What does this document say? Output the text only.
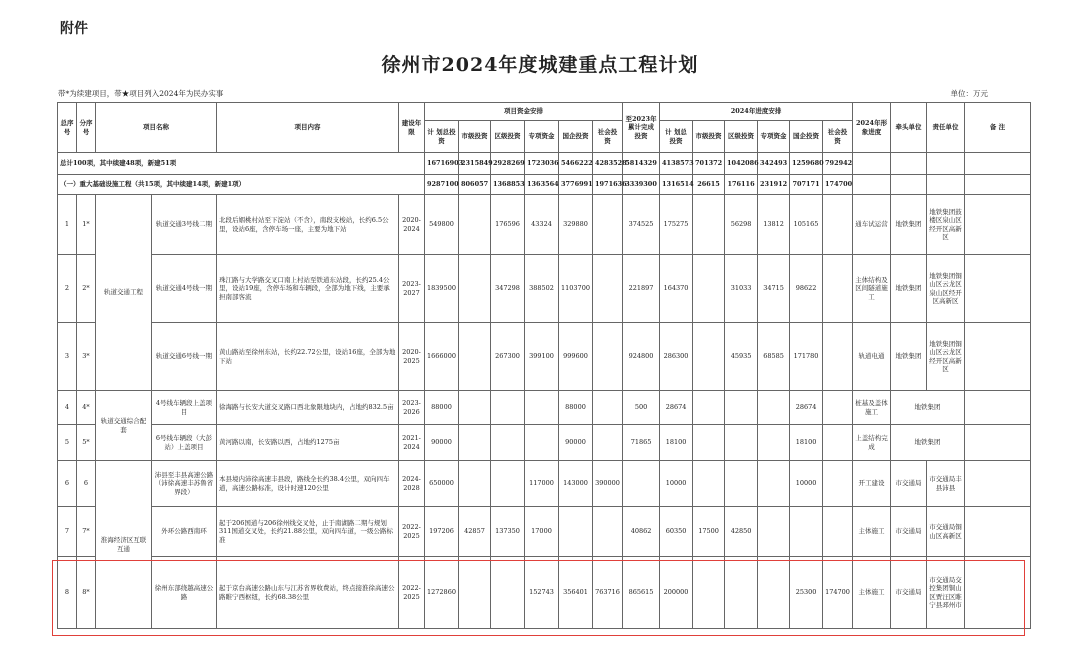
附件
徐州市2024年度城建重点工程计划
带*为续建项目，带★项目列入2024年为民办实事	单位：万元
总序号	分序号	项目名称		项目内容	建设年限	项目资金安排						至2023年累计完成投资	2024年进度安排						2024年形象进度	牵头单位	责任单位	备 注
						计 划总投资	市级投资	区级投资	专项资金	国企投资	社会投资		计 划总投资	市级投资	区级投资	专项资金	国企投资	社会投资				
总计100项，其中续建48项，新建51项						16716903	2315849	2928269	1723036	5466222	4283528	5814329	4138573	701372	1042086	342493	1259680	792942				
（一）重大基础设施工程（共15项，其中续建14项，新建1项）						9287100	806057	1368853	1363564	3776991	1971636	3339300	1316514	26615	176116	231912	707171	174700				
1	1*	轨道交通工程	轨道交通3号线二期	北段后姻桃村站至下淀站（不含），南段支梭站，长约6.5公里，设站6座，含停车场一座，主要为地下站	2020-2024	549800		176596	43324	329880		374525	175275		56298	13812	105165		通车试运营	地铁集团	地铁集团鼓楼区泉山区经开区高新区	
2	2*		轨道交通4号线一期	珠江路与大学路交叉口南上村站至铁道东站段，长约25.4公里，设站19座，含停车场和车辆段，全部为地下线，主要承担南部客流	2023-2027	1839500		347298	388502	1103700		221897	164370		31033	34715	98622		主体结构及区间隧道施工	地铁集团	地铁集团铜山区云龙区泉山区经开区高新区	
3	3*		轨道交通6号线一期	黄山路站至徐州东站，长约22.72公里，设站16座，全部为地下站	2020-2025	1666000		267300	399100	999600		924800	286300		45935	68585	171780		轨道电通	地铁集团	地铁集团铜山区云龙区经开区高新区	
4	4*	轨道交通综合配套	4号线车辆段上盖项目	徐海路与长安大道交叉路口西北象限地块内，占地约832.5亩	2023-2026	88000				88000		500	28674				28674		桩基及盖体施工	地铁集团		
5	5*		6号线车辆段（大彭站）上盖项目	黄河路以南，长安路以西，占地约1275亩	2021-2024	90000				90000		71865	18100				18100		上盖结构完成	地铁集团		
6	6	淮海经济区互联互通	沛县至丰县高速公路（沛徐高速丰苏鲁省界段）	本县境内沛徐高速丰县段，路线全长约38.4公里，双向四车道，高速公路标准，设计时速120公里	2024-2028	650000			117000	143000	390000		10000				10000		开工建设	市交通局	市交通局丰县沛县	
7	7*		外环公路西南环	起于206国道与206徐州线交叉处，止于南湖路二期与规划311国道交叉处，长约21.88公里，双向四车道，一级公路标准	2022-2025	197206	42857	137350	17000			40862	60350	17500	42850				主体施工	市交通局	市交通局铜山区高新区	
8	8*		徐州东部绕越高速公路	起于京台高速公路山东与江苏省界收费站，终点接淮徐高速公路睢宁西枢纽，长约68.38公里	2022-2025	1272860			152743	356401	763716	865615	200000				25300	174700	主体施工	市交通局	市交通局交控集团铜山区贾汪区睢宁县邳州市	
